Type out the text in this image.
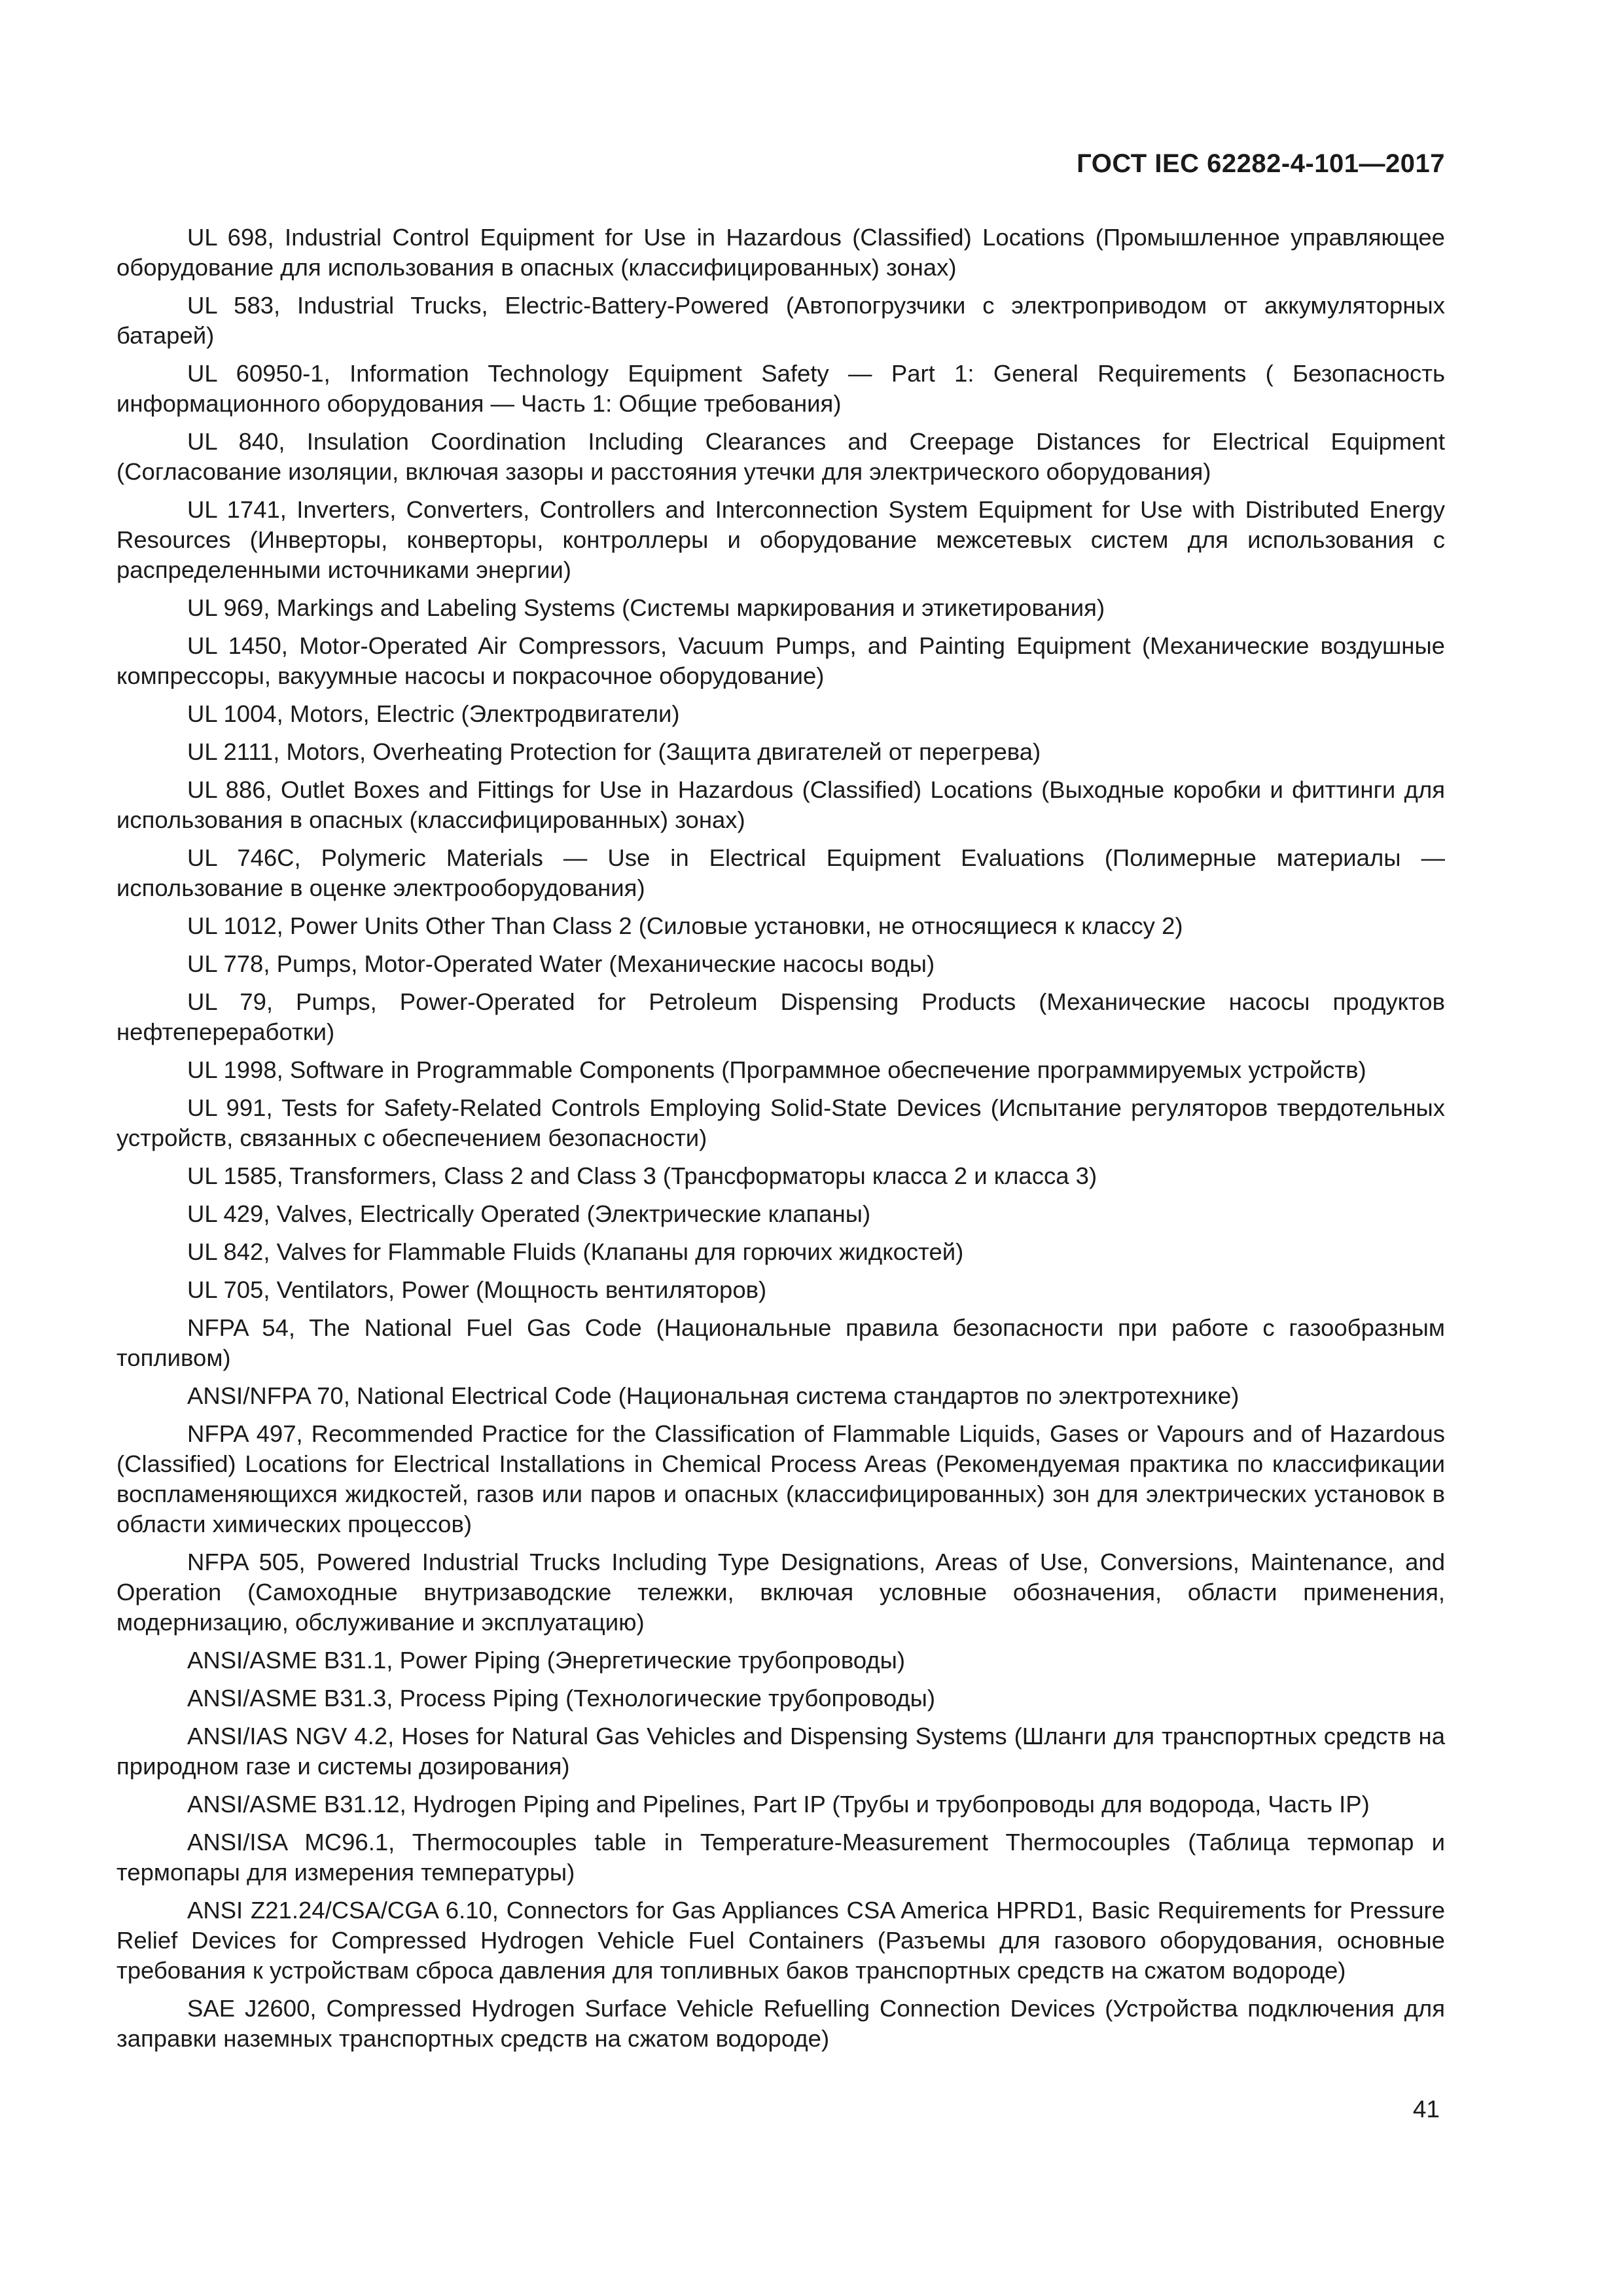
ГОСТ IEC 62282-4-101—2017

UL 698, Industrial Control Equipment for Use in Hazardous (Classified) Locations (Промышленное управляющее оборудование для использования в опасных (классифицированных) зонах)

UL 583, Industrial Trucks, Electric-Battery-Powered (Автопогрузчики с электроприводом от аккумуляторных батарей)

UL 60950-1, Information Technology Equipment Safety — Part 1: General Requirements ( Безопасность информационного оборудования — Часть 1: Общие требования)

UL 840, Insulation Coordination Including Clearances and Creepage Distances for Electrical Equipment (Согласование изоляции, включая зазоры и расстояния утечки для электрического оборудования)

UL 1741, Inverters, Converters, Controllers and Interconnection System Equipment for Use with Distributed Energy Resources (Инверторы, конверторы, контроллеры и оборудование межсетевых систем для использования с распределенными источниками энергии)

UL 969, Markings and Labeling Systems (Системы маркирования и этикетирования)

UL 1450, Motor-Operated Air Compressors, Vacuum Pumps, and Painting Equipment (Механические воздушные компрессоры, вакуумные насосы и покрасочное оборудование)

UL 1004, Motors, Electric (Электродвигатели)

UL 2111, Motors, Overheating Protection for (Защита двигателей от перегрева)

UL 886, Outlet Boxes and Fittings for Use in Hazardous (Classified) Locations (Выходные коробки и фиттинги для использования в опасных (классифицированных) зонах)

UL 746C, Polymeric Materials — Use in Electrical Equipment Evaluations (Полимерные материалы — использование в оценке электрооборудования)

UL 1012, Power Units Other Than Class 2 (Силовые установки, не относящиеся к классу 2)

UL 778, Pumps, Motor-Operated Water (Механические насосы воды)

UL 79, Pumps, Power-Operated for Petroleum Dispensing Products (Механические насосы продуктов нефтепереработки)

UL 1998, Software in Programmable Components (Программное обеспечение программируемых устройств)

UL 991, Tests for Safety-Related Controls Employing Solid-State Devices (Испытание регуляторов твердотельных устройств, связанных с обеспечением безопасности)

UL 1585, Transformers, Class 2 and Class 3 (Трансформаторы класса 2 и класса 3)

UL 429, Valves, Electrically Operated (Электрические клапаны)

UL 842, Valves for Flammable Fluids (Клапаны для горючих жидкостей)

UL 705, Ventilators, Power (Мощность вентиляторов)

NFPA 54, The National Fuel Gas Code (Национальные правила безопасности при работе с газообразным топливом)

ANSI/NFPA 70, National Electrical Code (Национальная система стандартов по электротехнике)

NFPA 497, Recommended Practice for the Classification of Flammable Liquids, Gases or Vapours and of Hazardous (Classified) Locations for Electrical Installations in Chemical Process Areas (Рекомендуемая практика по классификации воспламеняющихся жидкостей, газов или паров и опасных (классифицированных) зон для электрических установок в области химических процессов)

NFPA 505, Powered Industrial Trucks Including Type Designations, Areas of Use, Conversions, Maintenance, and Operation (Самоходные внутризаводские тележки, включая условные обозначения, области применения, модернизацию, обслуживание и эксплуатацию)

ANSI/ASME B31.1, Power Piping (Энергетические трубопроводы)

ANSI/ASME B31.3, Process Piping (Технологические трубопроводы)

ANSI/IAS NGV 4.2, Hoses for Natural Gas Vehicles and Dispensing Systems (Шланги для транспортных средств на природном газе и системы дозирования)

ANSI/ASME B31.12, Hydrogen Piping and Pipelines, Part IP (Трубы и трубопроводы для водорода, Часть IP)

ANSI/ISA MC96.1, Thermocouples table in Temperature-Measurement Thermocouples (Таблица термопар и термопары для измерения температуры)

ANSI Z21.24/CSA/CGA 6.10, Connectors for Gas Appliances CSA America HPRD1, Basic Requirements for Pressure Relief Devices for Compressed Hydrogen Vehicle Fuel Containers (Разъемы для газового оборудования, основные требования к устройствам сброса давления для топливных баков транспортных средств на сжатом водороде)

SAE J2600, Compressed Hydrogen Surface Vehicle Refuelling Connection Devices (Устройства подключения для заправки наземных транспортных средств на сжатом водороде)

41
